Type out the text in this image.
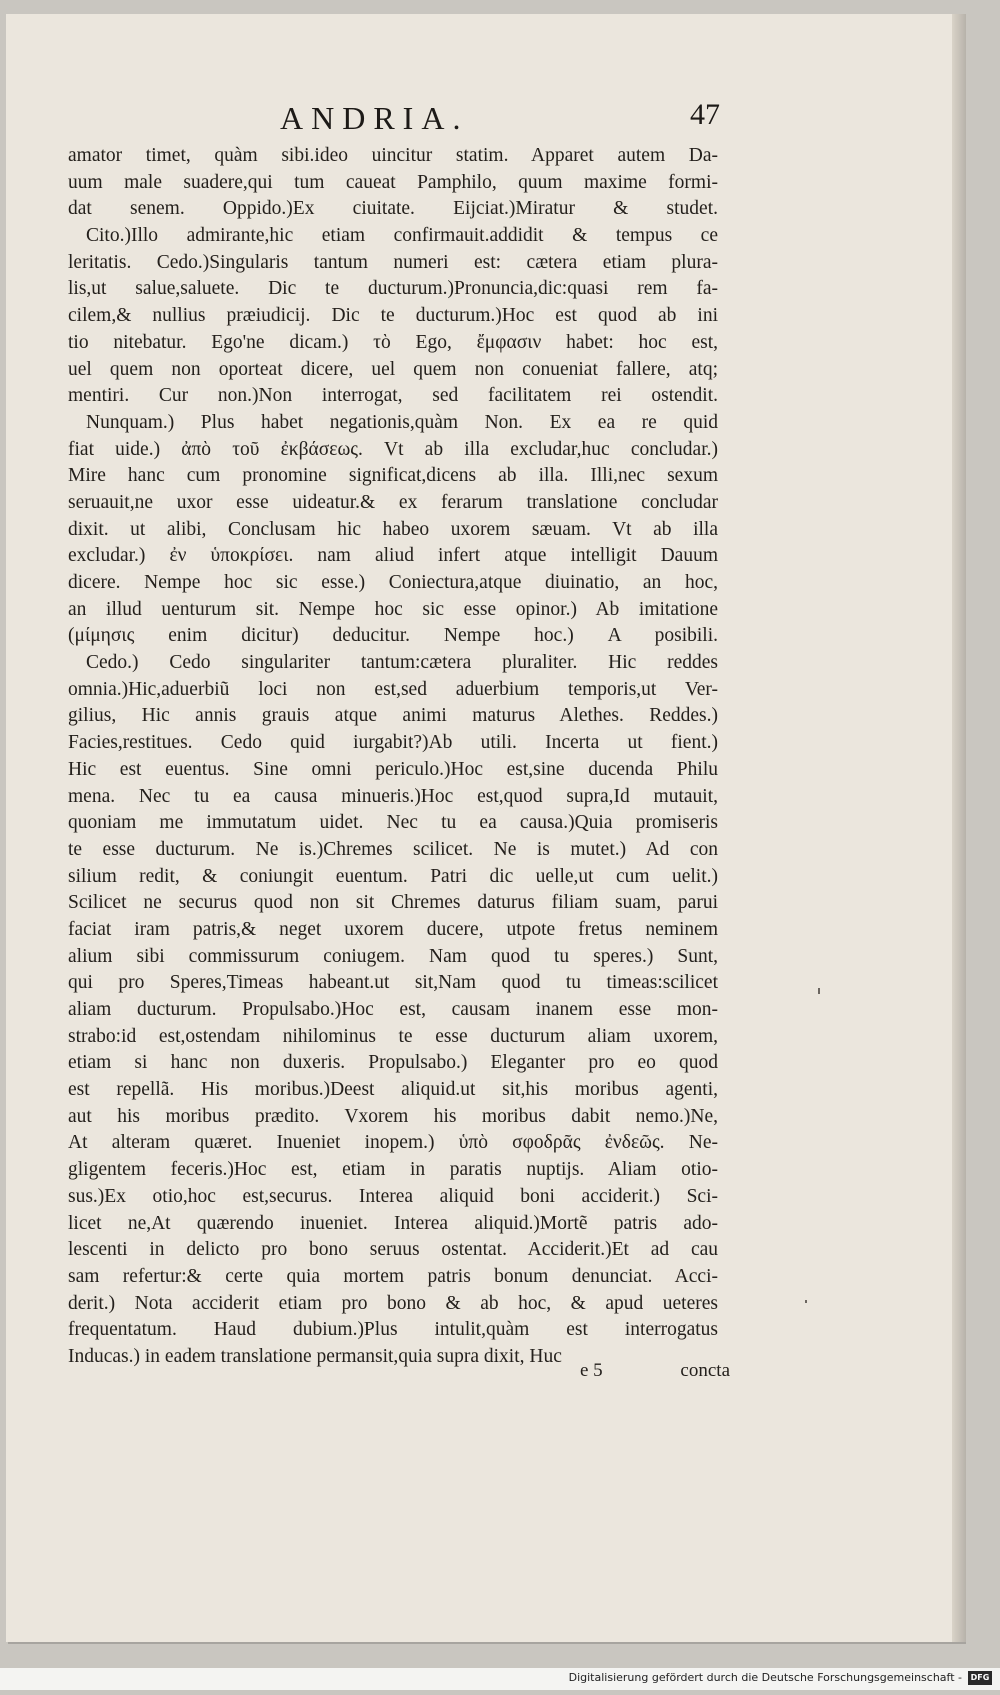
ANDRIA.	47
amator timet, quàm sibi.ideo uincitur statim. Apparet autem Da-
uum male suadere,qui tum caueat Pamphilo, quum maxime formi-
dat senem. Oppido.)Ex ciuitate. Eijciat.)Miratur & studet.
Cito.)Illo admirante,hic etiam confirmauit.addidit & tempus ce
leritatis. Cedo.)Singularis tantum numeri est: cætera etiam plura-
lis,ut salue,saluete. Dic te ducturum.)Pronuncia,dic:quasi rem fa-
cilem,& nullius præiudicij. Dic te ducturum.)Hoc est quod ab ini
tio nitebatur. Ego'ne dicam.) τὸ Ego, ἔμφασιν habet: hoc est,
uel quem non oporteat dicere, uel quem non conueniat fallere, atq;
mentiri. Cur non.)Non interrogat, sed facilitatem rei ostendit.
Nunquam.) Plus habet negationis,quàm Non. Ex ea re quid
fiat uide.) ἀπὸ τοῦ ἐκβάσεως. Vt ab illa excludar,huc concludar.)
Mire hanc cum pronomine significat,dicens ab illa. Illi,nec sexum
seruauit,ne uxor esse uideatur.& ex ferarum translatione concludar
dixit. ut alibi, Conclusam hic habeo uxorem sæuam. Vt ab illa
excludar.) ἐν ὑποκρίσει. nam aliud infert atque intelligit Dauum
dicere. Nempe hoc sic esse.) Coniectura,atque diuinatio, an hoc,
an illud uenturum sit. Nempe hoc sic esse opinor.) Ab imitatione
(μίμησις enim dicitur) deducitur. Nempe hoc.) A posibili.
Cedo.) Cedo singulariter tantum:cætera pluraliter. Hic reddes
omnia.)Hic,aduerbiũ loci non est,sed aduerbium temporis,ut Ver-
gilius, Hic annis grauis atque animi maturus Alethes. Reddes.)
Facies,restitues. Cedo quid iurgabit?)Ab utili. Incerta ut fient.)
Hic est euentus. Sine omni periculo.)Hoc est,sine ducenda Philu
mena. Nec tu ea causa minueris.)Hoc est,quod supra,Id mutauit,
quoniam me immutatum uidet. Nec tu ea causa.)Quia promiseris
te esse ducturum. Ne is.)Chremes scilicet. Ne is mutet.) Ad con
silium redit, & coniungit euentum. Patri dic uelle,ut cum uelit.)
Scilicet ne securus quod non sit Chremes daturus filiam suam, parui
faciat iram patris,& neget uxorem ducere, utpote fretus neminem
alium sibi commissurum coniugem. Nam quod tu speres.) Sunt,
qui pro Speres,Timeas habeant.ut sit,Nam quod tu timeas:scilicet
aliam ducturum. Propulsabo.)Hoc est, causam inanem esse mon-
strabo:id est,ostendam nihilominus te esse ducturum aliam uxorem,
etiam si hanc non duxeris. Propulsabo.) Eleganter pro eo quod
est repellã. His moribus.)Deest aliquid.ut sit,his moribus agenti,
aut his moribus prædito. Vxorem his moribus dabit nemo.)Ne,
At alteram quæret. Inueniet inopem.) ὑπὸ σφοδρᾶς ἐνδεῶς. Ne-
gligentem feceris.)Hoc est, etiam in paratis nuptijs. Aliam otio-
sus.)Ex otio,hoc est,securus. Interea aliquid boni acciderit.) Sci-
licet ne,At quærendo inueniet. Interea aliquid.)Mortẽ patris ado-
lescenti in delicto pro bono seruus ostentat. Acciderit.)Et ad cau
sam refertur:& certe quia mortem patris bonum denunciat. Acci-
derit.) Nota acciderit etiam pro bono & ab hoc, & apud ueteres
frequentatum. Haud dubium.)Plus intulit,quàm est interrogatus
Inducas.) in eadem translatione permansit,quia supra dixit, Huc
e 5	concta
Digitalisierung gefördert durch die Deutsche Forschungsgemeinschaft -	DFG
